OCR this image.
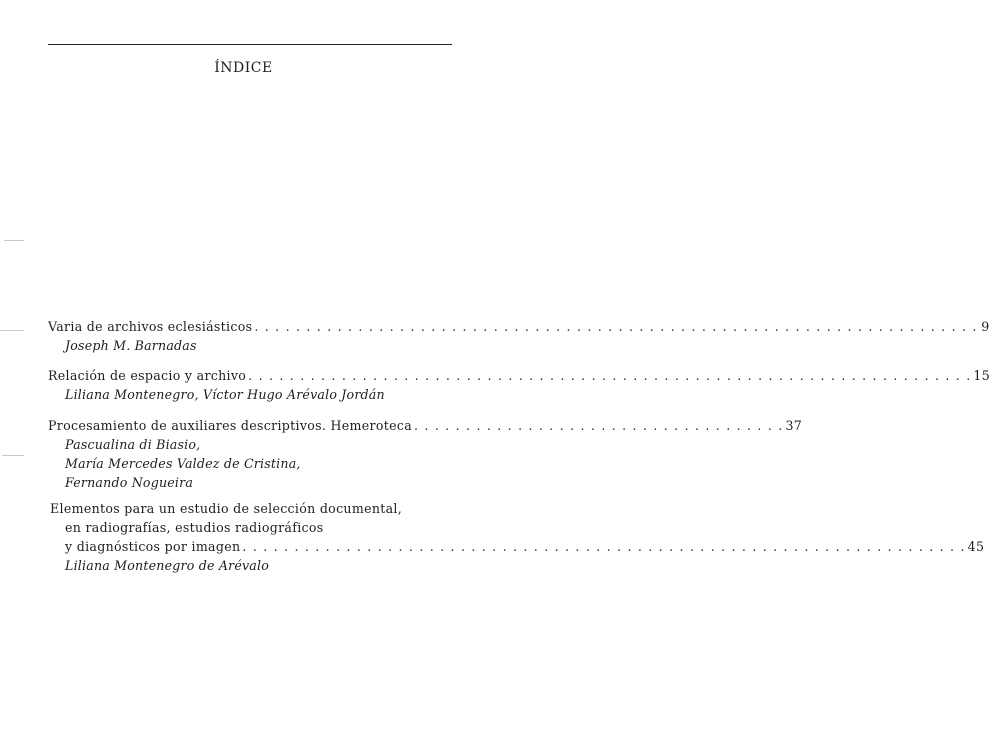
ÍNDICE
Varia de archivos eclesiásticos . . . . . . . . . . . . . . . . . . . . . . . . . . . . . . . . . . . . . . . . . . . . . . . . . . . . . . . . . . . . . . . . . . . . . . 9
Joseph M. Barnadas
Relación de espacio y archivo . . . . . . . . . . . . . . . . . . . . . . . . . . . . . . . . . . . . . . . . . . . . . . . . . . . . . . . . . . . . . . . . . . . . . . 15
Liliana Montenegro, Víctor Hugo Arévalo Jordán
Procesamiento de auxiliares descriptivos. Hemeroteca . . . . . . . . . . . . . . . . . . . . . . . . . . . . . . . . . . . . 37
Pascualina di Biasio,
María Mercedes Valdez de Cristina,
Fernando Nogueira
Elementos para un estudio de selección documental,
en radiografías, estudios radiográficos
y diagnósticos por imagen . . . . . . . . . . . . . . . . . . . . . . . . . . . . . . . . . . . . . . . . . . . . . . . . . . . . . . . . . . . . . . . . . . . . . . 45
Liliana Montenegro de Arévalo
